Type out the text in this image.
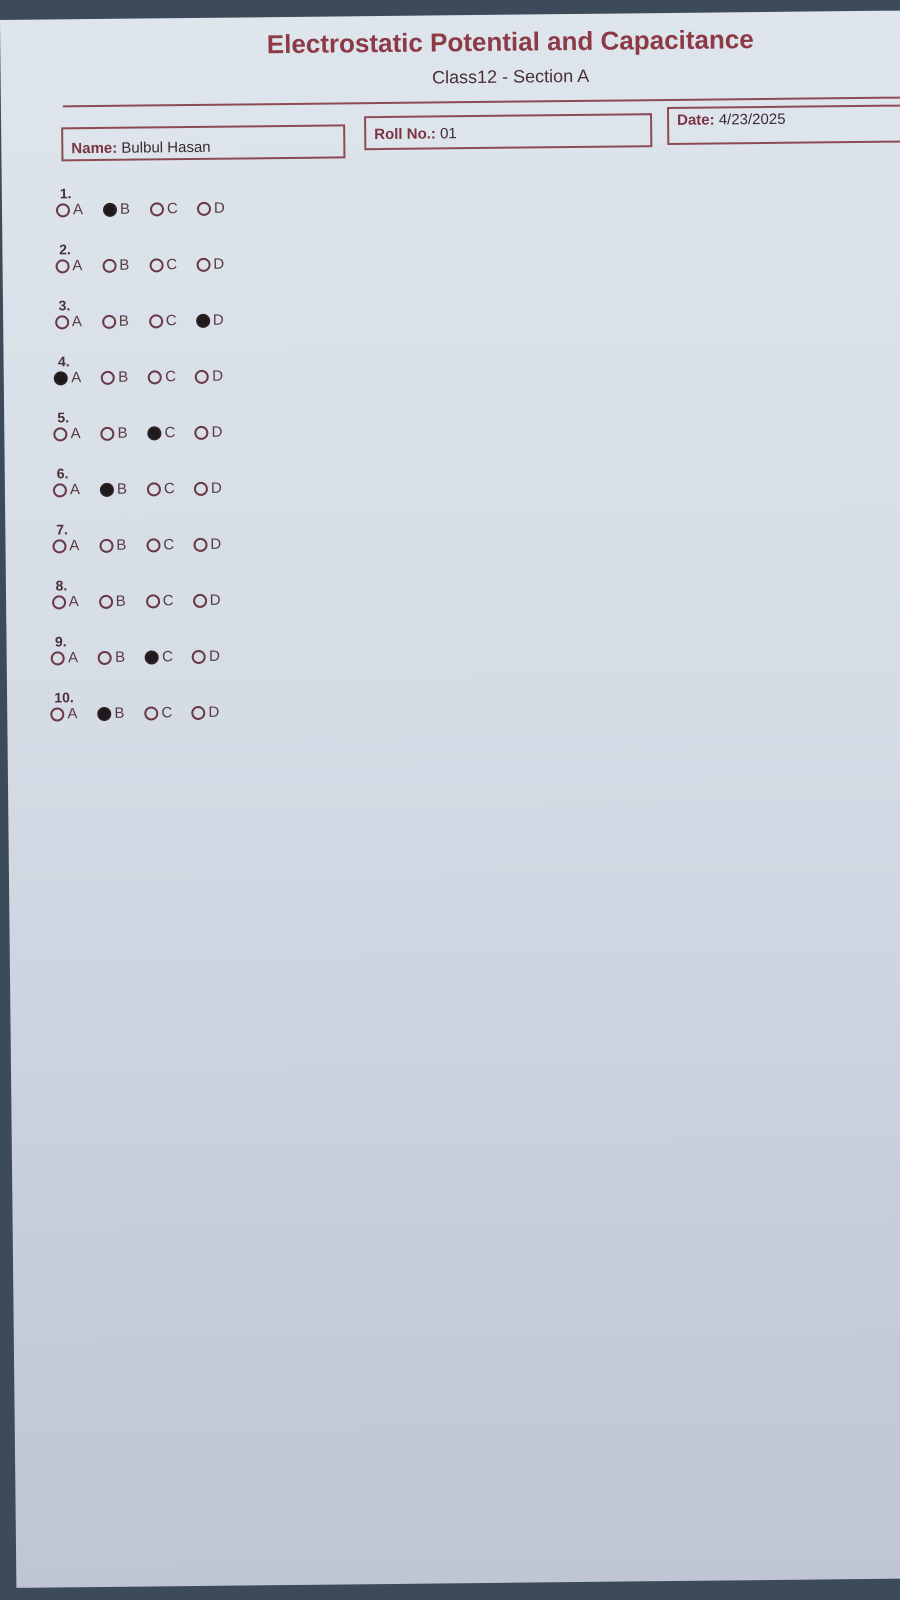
Electrostatic Potential and Capacitance
Class12 - Section A
Name: Bulbul Hasan
Roll No.: 01
Date: 4/23/2025
1.
A	B	C	D
2.
A	B	C	D
3.
A	B	C	D
4.
A	B	C	D
5.
A	B	C	D
6.
A	B	C	D
7.
A	B	C	D
8.
A	B	C	D
9.
A	B	C	D
10.
A	B	C	D
